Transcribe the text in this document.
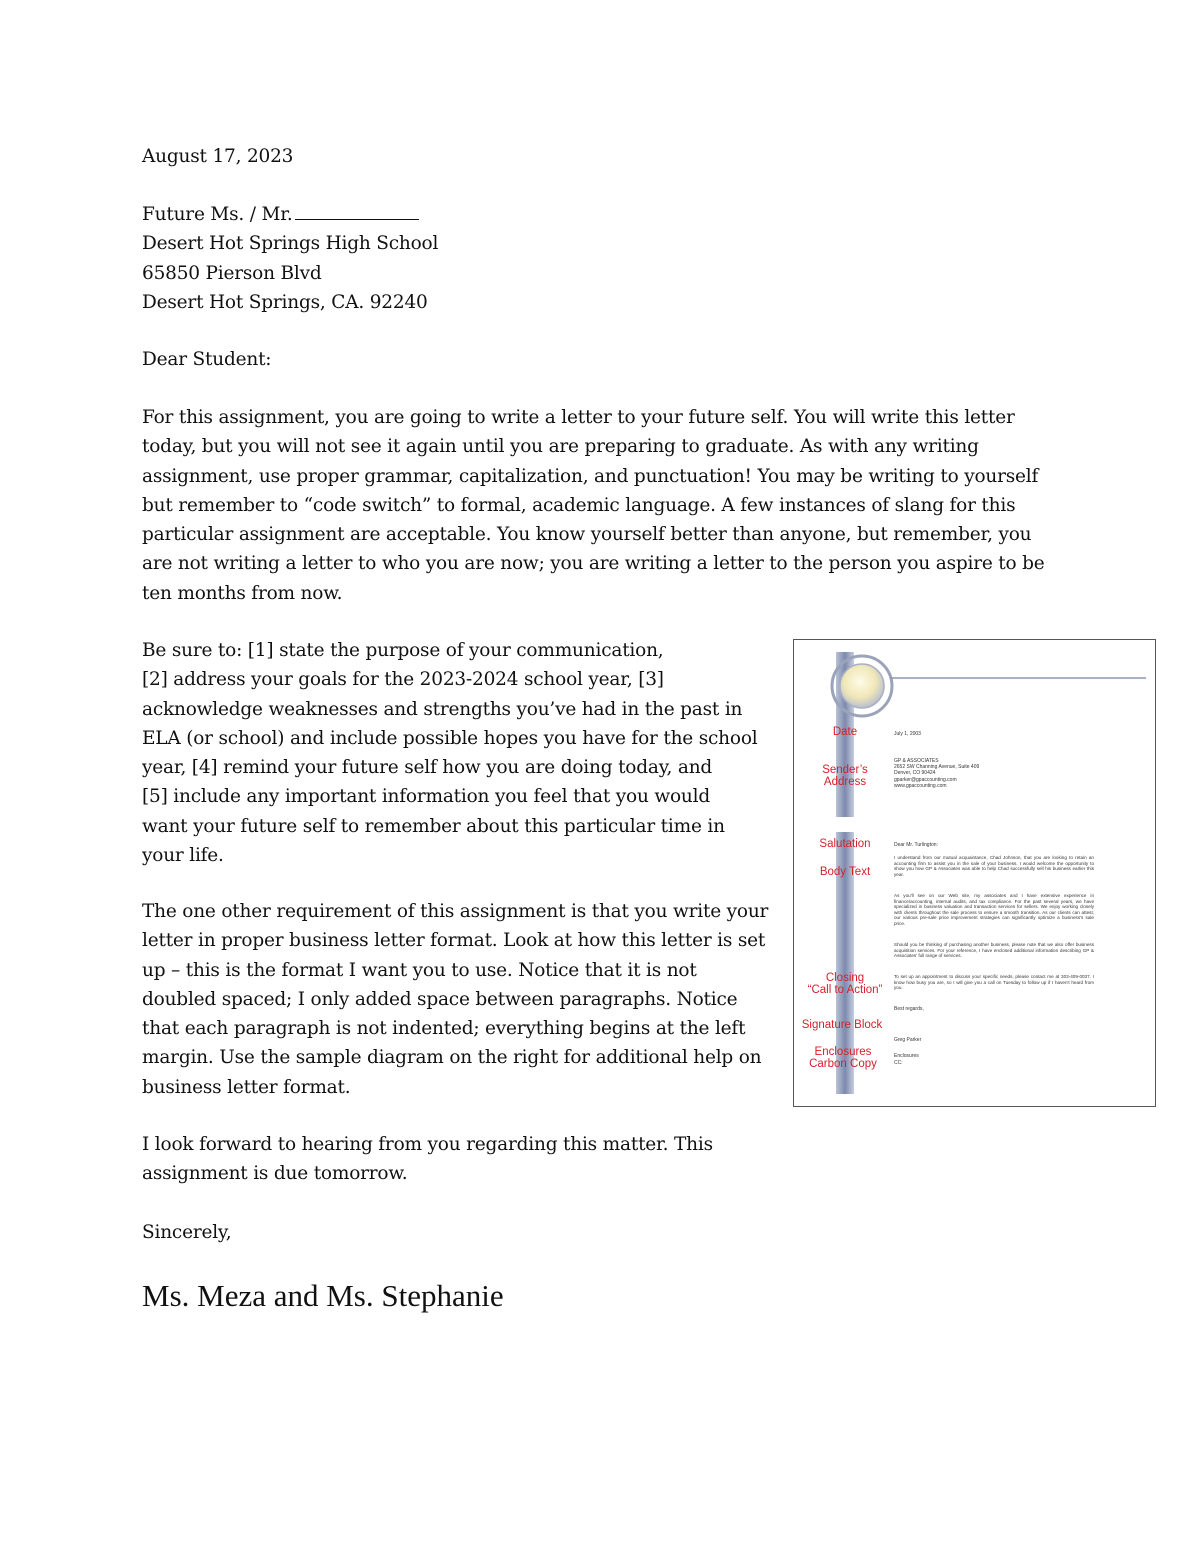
August 17, 2023
Future Ms. / Mr.
Desert Hot Springs High School
65850 Pierson Blvd
Desert Hot Springs, CA. 92240
Dear Student:
For this assignment, you are going to write a letter to your future self. You will write this letter
today, but you will not see it again until you are preparing to graduate. As with any writing
assignment, use proper grammar, capitalization, and punctuation! You may be writing to yourself
but remember to “code switch” to formal, academic language. A few instances of slang for this
particular assignment are acceptable. You know yourself better than anyone, but remember, you
are not writing a letter to who you are now; you are writing a letter to the person you aspire to be
ten months from now.
Be sure to: [1] state the purpose of your communication,
[2] address your goals for the 2023-2024 school year, [3]
acknowledge weaknesses and strengths you’ve had in the past in
ELA (or school) and include possible hopes you have for the school
year, [4] remind your future self how you are doing today, and
[5] include any important information you feel that you would
want your future self to remember about this particular time in
your life.
The one other requirement of this assignment is that you write your
letter in proper business letter format. Look at how this letter is set
up – this is the format I want you to use. Notice that it is not
doubled spaced; I only added space between paragraphs. Notice
that each paragraph is not indented; everything begins at the left
margin. Use the sample diagram on the right for additional help on
business letter format.
I look forward to hearing from you regarding this matter. This
assignment is due tomorrow.
Sincerely,
Ms. Meza and Ms. Stephanie
Date
Sender’s
Address
Salutation
Body Text
Closing
“Call to Action”
Signature Block
Enclosures
Carbon Copy
July 1, 2003
GP & ASSOCIATES
2652 SW Channing Avenue, Suite 409
Denver, CO 90424
gparker@gpaccounting.com
www.gpaccounting.com
Dear Mr. Turlington:
I understand from our mutual acquaintance, Chad Johnson, that you are looking to retain an accounting firm to assist you in the sale of your business. I would welcome the opportunity to show you how GP & Associates was able to help Chad successfully sell his business earlier this year.
As you'll see on our Web site, my associates and I have extensive experience in finance/accounting, internal audits, and tax compliance. For the past several years, we have specialized in business valuation and transaction services for sellers. We enjoy working closely with clients throughout the sale process to ensure a smooth transition. As our clients can attest, our various pre-sale price improvement strategies can significantly optimize a business's sale price.
Should you be thinking of purchasing another business, please note that we also offer business acquisition services. For your reference, I have enclosed additional information describing GP & Associates' full range of services.
To set up an appointment to discuss your specific needs, please contact me at 303-409-0037. I know how busy you are, so I will give you a call on Tuesday to follow up if I haven't heard from you.
Best regards,
Greg Parker
Enclosures
CC:
